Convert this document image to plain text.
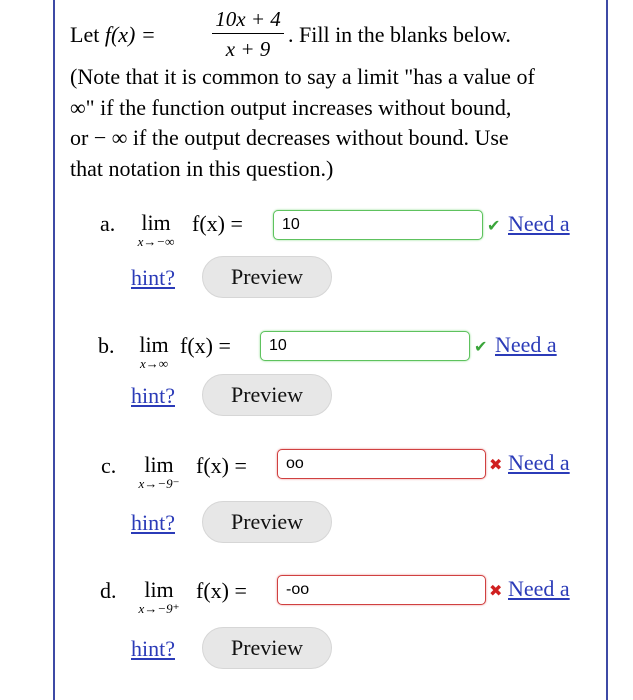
Let f(x) =
10x + 4
x + 9
. Fill in the blanks below.
(Note that it is common to say a limit "has a value of
∞" if the function output increases without bound,
or − ∞ if the output decreases without bound. Use
that notation in this question.)
a.	lim
x→−∞
f(x) =	10	✔ Need a
hint?	Preview
b.	lim
x→∞
f(x) =	10	✔ Need a
hint?	Preview
c.	lim
x→−9⁻
f(x) =	oo	✖ Need a
hint?	Preview
d.	lim
x→−9⁺
f(x) =	-oo	✖ Need a
hint?	Preview
